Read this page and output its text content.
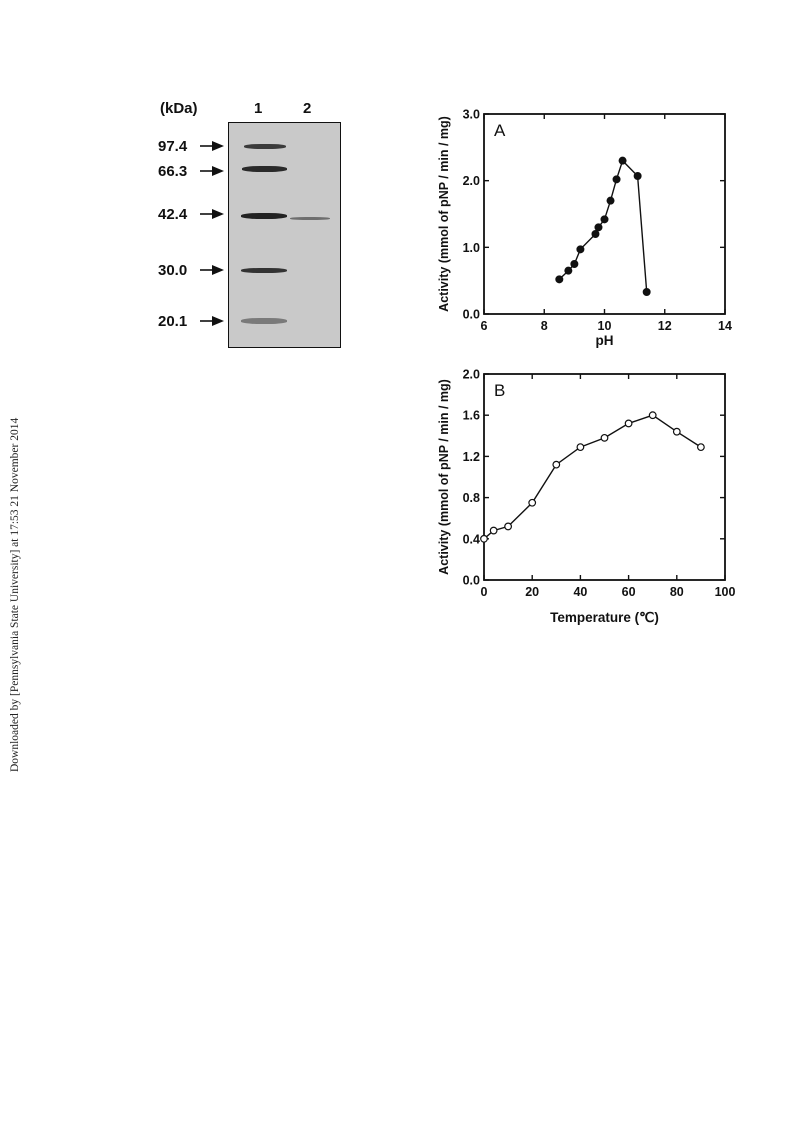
Downloaded by [Pennsylvania State University] at 17:53 21 November 2014
(kDa)	1	2
97.4
66.3
42.4
30.0
20.1	6	8	10	12	14
0.0
1.0
2.0
3.0
pH
Activity (mmol of pNP / min / mg)	A
0	20	40	60	80 100
0.0
0.4
0.8
1.2
1.6
2.0
Temperature (℃)
Activity (mmol of pNP / min / mg)	B
